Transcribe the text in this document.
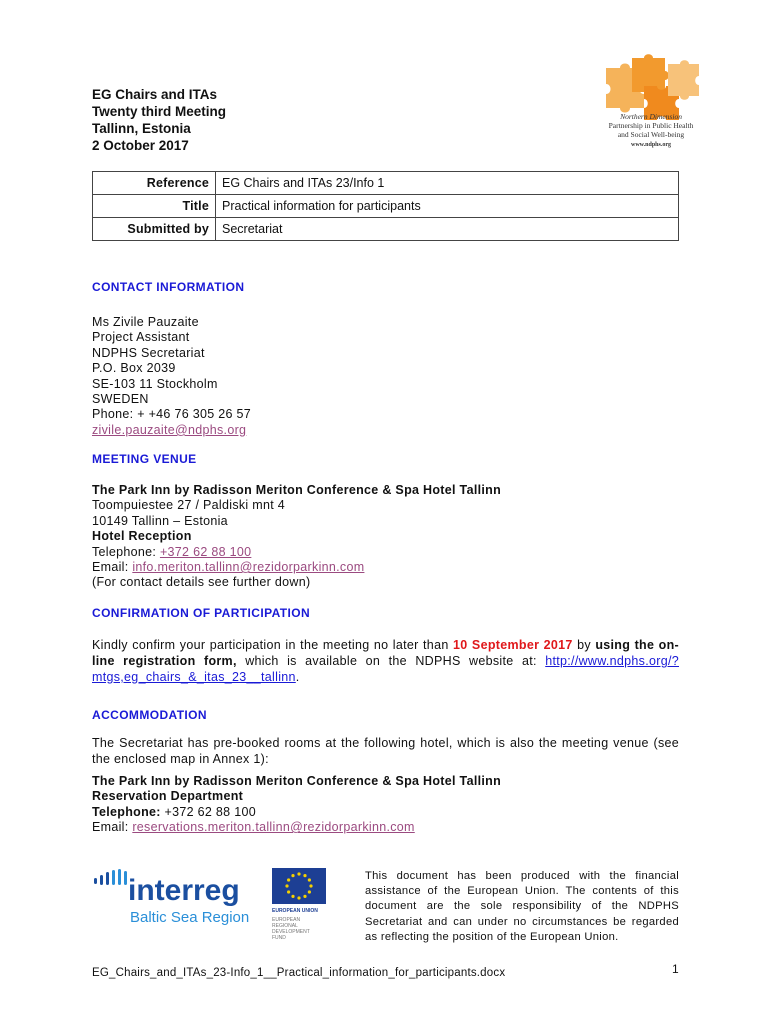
EG Chairs and ITAs
Twenty third Meeting
Tallinn, Estonia
2 October 2017
Northern Dimension
Partnership in Public Health
and Social Well-being
www.ndphs.org
Reference	EG Chairs and ITAs 23/Info 1
Title	Practical information for participants
Submitted by	Secretariat
CONTACT INFORMATION
Ms Zivile Pauzaite
Project Assistant
NDPHS Secretariat
P.O. Box 2039
SE-103 11 Stockholm
SWEDEN
Phone: + +46 76 305 26 57
zivile.pauzaite@ndphs.org
MEETING VENUE
The Park Inn by Radisson Meriton Conference & Spa Hotel Tallinn
Toompuiestee 27 / Paldiski mnt 4
10149 Tallinn – Estonia
Hotel Reception
Telephone: +372 62 88 100
Email: info.meriton.tallinn@rezidorparkinn.com
(For contact details see further down)
CONFIRMATION OF PARTICIPATION
Kindly confirm your participation in the meeting no later than 10 September 2017 by using the on-line registration form, which is available on the NDPHS website at: http://www.ndphs.org/?mtgs,eg_chairs_&_itas_23__tallinn.
ACCOMMODATION
The Secretariat has pre-booked rooms at the following hotel, which is also the meeting venue (see the enclosed map in Annex 1):
The Park Inn by Radisson Meriton Conference & Spa Hotel Tallinn
Reservation Department
Telephone: +372 62 88 100
Email: reservations.meriton.tallinn@rezidorparkinn.com
interreg
Baltic Sea Region	EUROPEAN UNION
EUROPEAN
REGIONAL
DEVELOPMENT
FUND
This document has been produced with the financial assistance of the European Union. The contents of this document are the sole responsibility of the NDPHS Secretariat and can under no circumstances be regarded as reflecting the position of the European Union.
EG_Chairs_and_ITAs_23-Info_1__Practical_information_for_participants.docx	1
